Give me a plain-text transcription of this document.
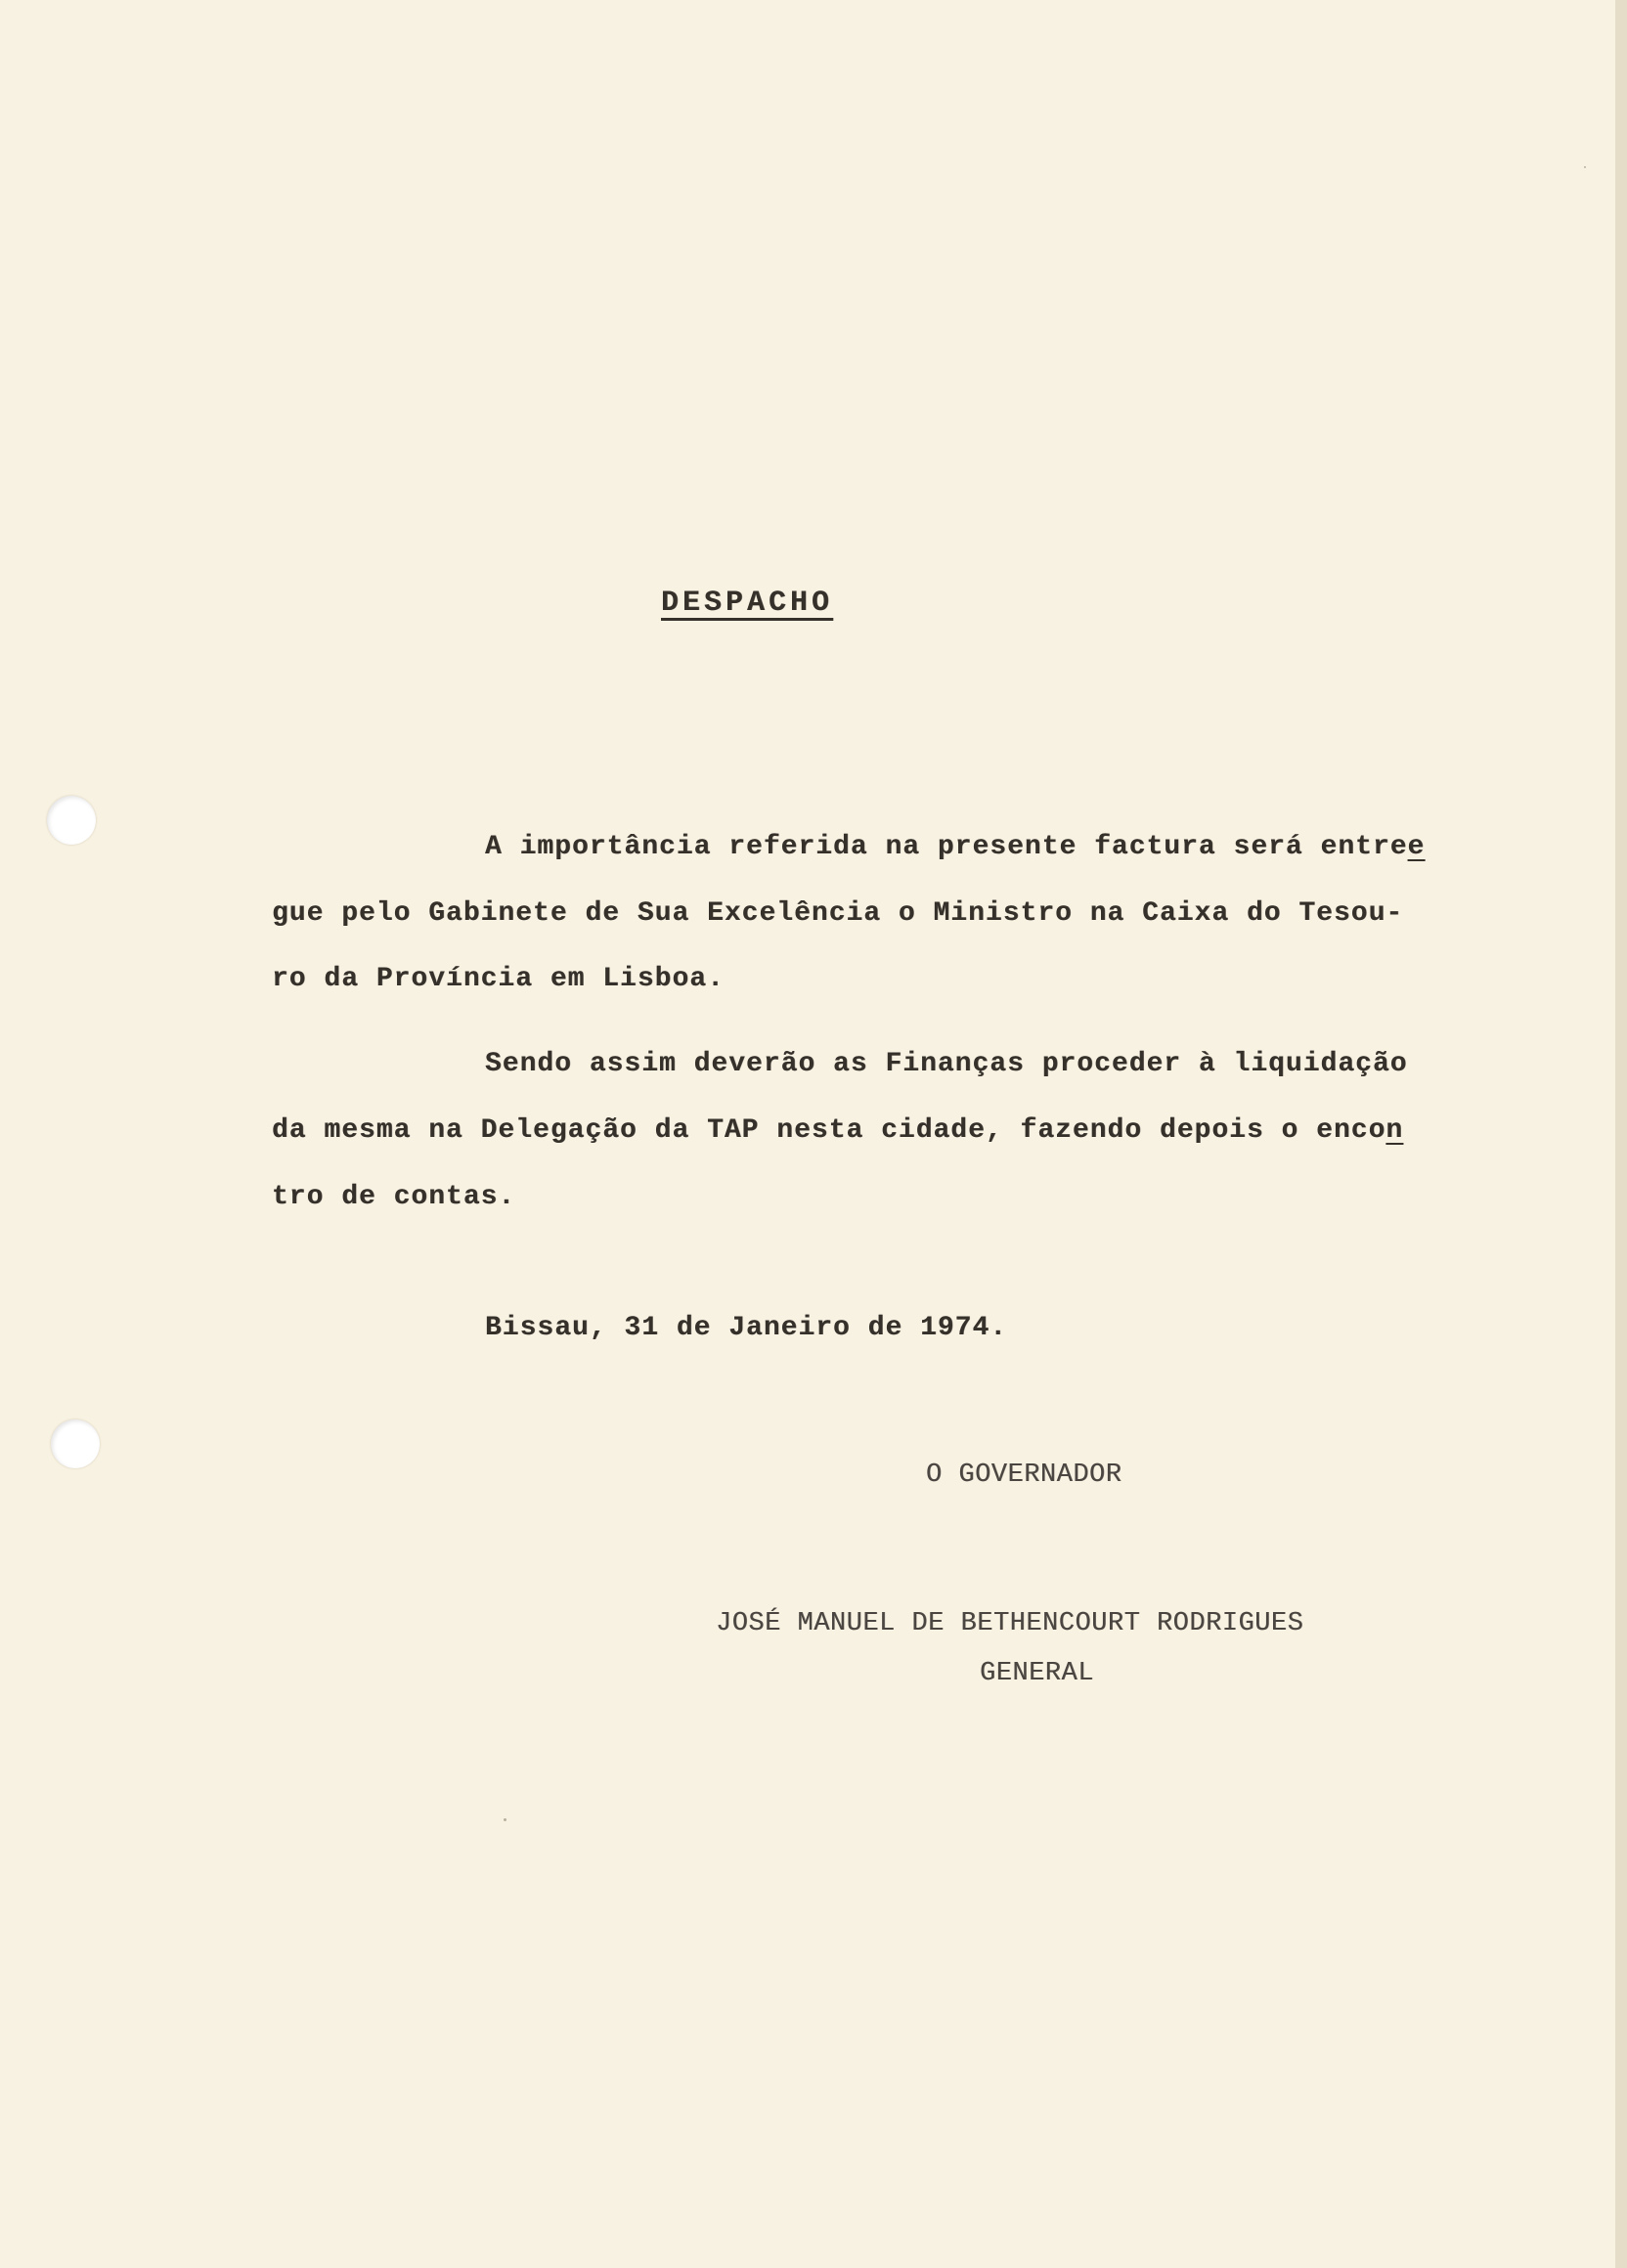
DESPACHO
A importância referida na presente factura será entree
gue pelo Gabinete de Sua Excelência o Ministro na Caixa do Tesou-
ro da Província em Lisboa.
Sendo assim deverão as Finanças proceder à liquidação
da mesma na Delegação da TAP nesta cidade, fazendo depois o encon
tro de contas.
Bissau, 31 de Janeiro de 1974.
O GOVERNADOR
JOSÉ MANUEL DE BETHENCOURT RODRIGUES
GENERAL
